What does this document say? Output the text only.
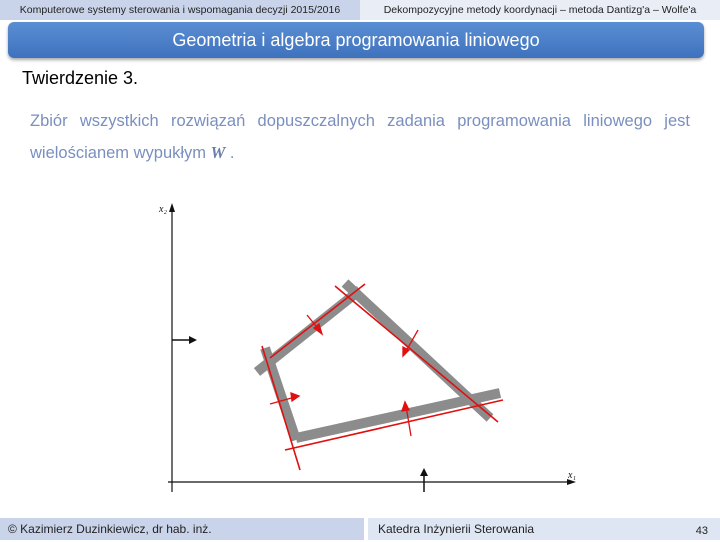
Komputerowe systemy sterowania i wspomagania decyzji 2015/2016	Dekompozycyjne metody koordynacji – metoda Dantizg'a – Wolfe'a
Geometria i algebra programowania liniowego
Twierdzenie 3.
Zbiór wszystkich rozwiązań dopuszczalnych zadania programowania liniowego jest
wielościanem wypukłym W .
x₂
x₁
© Kazimierz Duzinkiewicz, dr hab. inż.	Katedra Inżynierii Sterowania	43
